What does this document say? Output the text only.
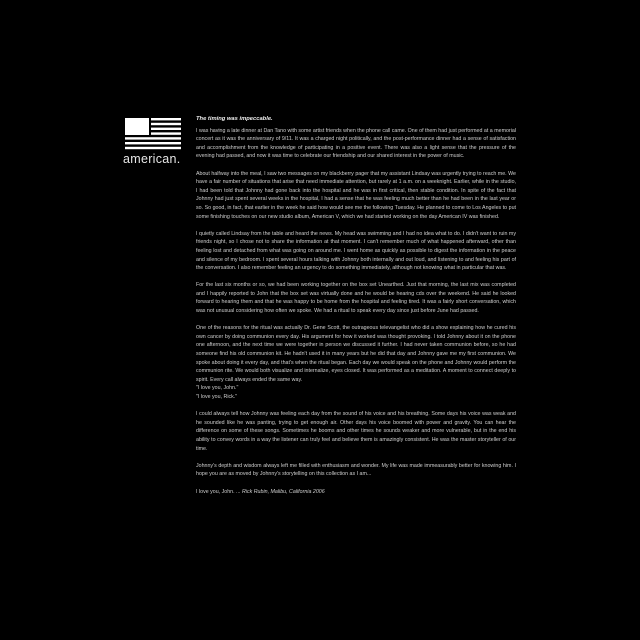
american.

The timing was impeccable.

I was having a late dinner at Dan Tanо with some artist friends when the phone call came. One of them had just performed at a memorial concert as it was the anniversary of 9/11. It was a charged night politically, and the post-performance dinner had a sense of satisfaction and accomplishment from the knowledge of participating in a positive event. There was also a light sense that the pressure of the evening had passed, and now it was time to celebrate our friendship and our shared interest in the power of music.

About halfway into the meal, I saw two messages on my blackberry pager that my assistant Lindsay was urgently trying to reach me. We have a fair number of situations that arise that need immediate attention, but rarely at 1 a.m. on a weeknight. Earlier, while in the studio, I had been told that Johnny had gone back into the hospital and he was in first critical, then stable condition. In spite of the fact that Johnny had just spent several weeks in the hospital, I had a sense that he was feeling much better than he had been in the last year or so. So good, in fact, that earlier in the week he said how would see me the following Tuesday. He planned to come to Los Angeles to put some finishing touches on our new studio album, American V, which we had started working on the day American IV was finished.

I quietly called Lindsay from the table and heard the news. My head was swimming and I had no idea what to do. I didn't want to ruin my friends night, so I chose not to share the information at that moment. I can't remember much of what happened afterward, other than feeling lost and detached from what was going on around me. I went home as quickly as possible to digest the information in the peace and silence of my bedroom. I spent several hours talking with Johnny both internally and out loud, and listening to and feeling his part of the conversation. I also remember feeling an urgency to do something immediately, although not knowing what in particular that was.

For the last six months or so, we had been working together on the box set Unearthed. Just that morning, the last mix was completed and I happily reported to John that the box set was virtually done and he would be hearing cds over the weekend. He said he looked forward to hearing them and that he was happy to be home from the hospital and feeling tired. It was a fairly short conversation, which was not unusual considering how often we spoke. We had a ritual to speak every day since just before June had passed.

One of the reasons for the ritual was actually Dr. Gene Scott, the outrageous televangelist who did a show explaining how he cured his own cancer by doing communion every day. His argument for how it worked was thought provoking. I told Johnny about it on the phone one afternoon, and the next time we were together in person we discussed it further. I had never taken communion before, so he had someone find his old communion kit. He hadn't used it in many years but he did that day and Johnny gave me my first communion. We spoke about doing it every day, and that's when the ritual began. Each day we would speak on the phone and Johnny would perform the communion rite. We would both visualize and internalize, eyes closed. It was performed as a meditation. A moment to connect deeply to spirit. Every call always ended the same way.
"I love you, John."
"I love you, Rick."

I could always tell how Johnny was feeling each day from the sound of his voice and his breathing. Some days his voice was weak and he sounded like he was panting, trying to get enough air. Other days his voice boomed with power and gravity. You can hear the difference on some of these songs. Sometimes he booms and other times he sounds weaker and more vulnerable, but in the end his ability to convey words in a way the listener can truly feel and believe them is amazingly consistent. He was the master storyteller of our time.

Johnny's depth and wisdom always left me filled with enthusiasm and wonder. My life was made immeasurably better for knowing him. I hope you are as moved by Johnny's storytelling on this collection as I am...

I love you, John. ... Rick Rubin, Malibu, California 2006
